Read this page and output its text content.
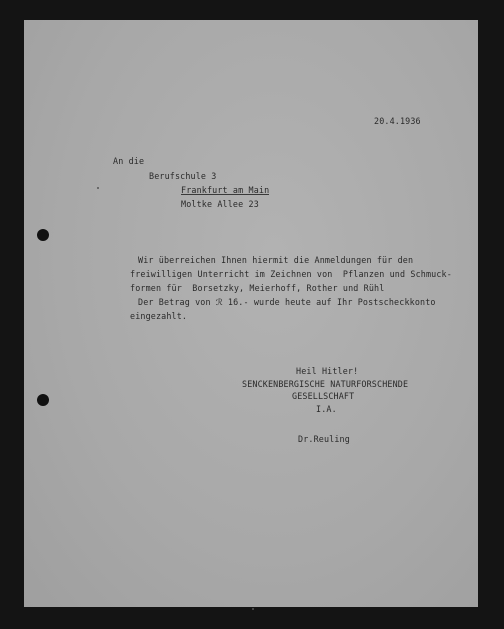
20.4.1936
An die
Berufschule 3
Frankfurt am Main
Moltke Allee 23
Wir überreichen Ihnen hiermit die Anmeldungen für den
freiwilligen Unterricht im Zeichnen von  Pflanzen und Schmuck-
formen für  Borsetzky, Meierhoff, Rother und Rühl
Der Betrag von ℛ 16.- wurde heute auf Ihr Postscheckkonto
eingezahlt.
Heil Hitler!
SENCKENBERGISCHE NATURFORSCHENDE
GESELLSCHAFT
I.A.
Dr.Reuling
